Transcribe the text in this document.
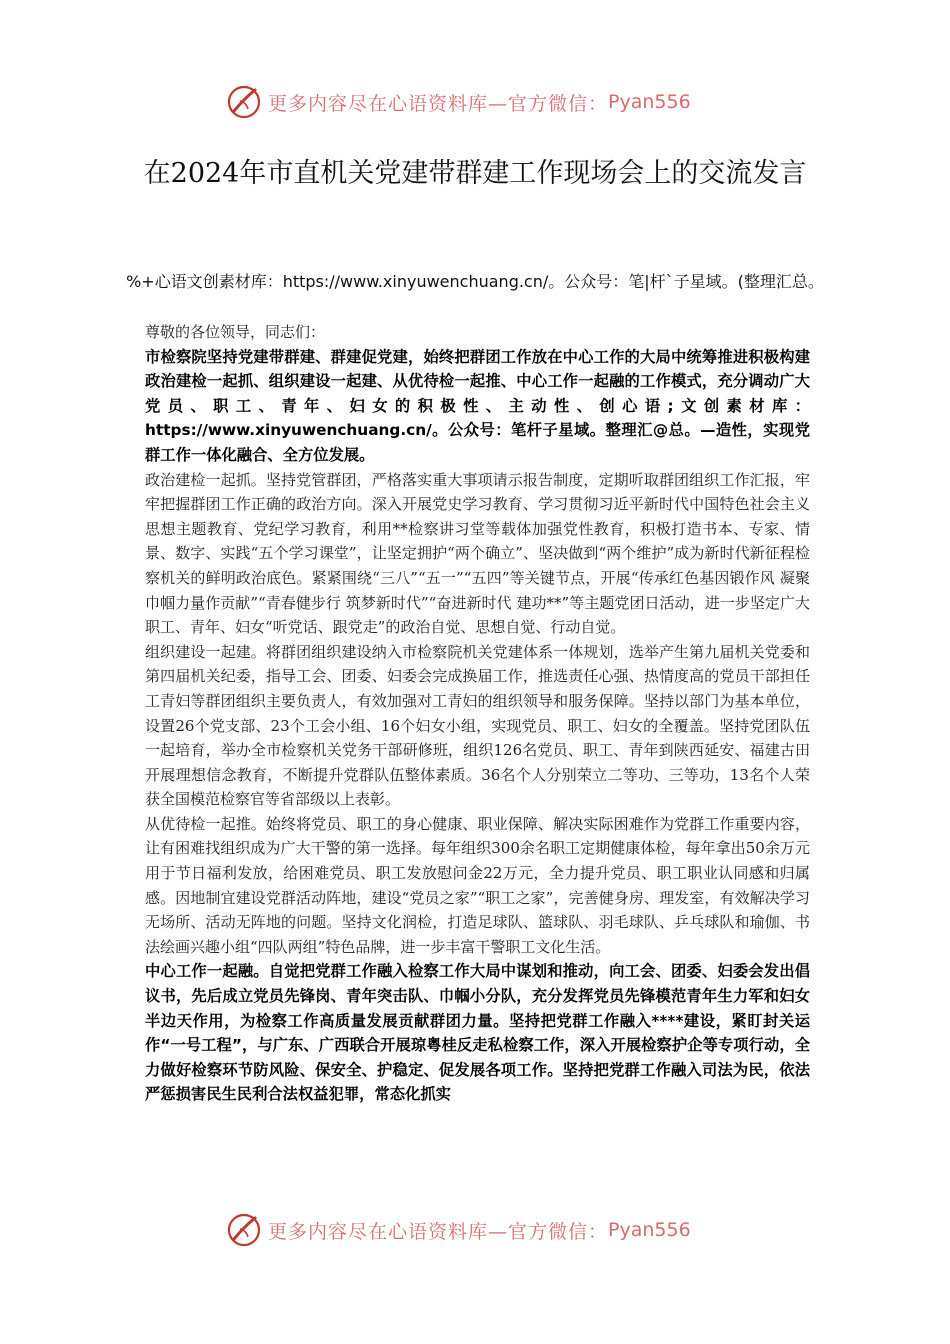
更多内容尽在心语资料库—官方微信： Pyan556
在2024年市直机关党建带群建工作现场会上的交流发言
%+心语文创素材库：https://www.xinyuwenchuang.cn/。公众号：笔|杆`子星域。(整理汇总。

尊敬的各位领导，同志们：

市检察院坚持党建带群建、群建促党建，始终把群团工作放在中心工作的大局中统筹推进积极构建政治建检一起抓、组织建设一起建、从优待检一起推、中心工作一起融的工作模式，充分调动广大党员、职工、青年、妇女的积极性、主动性、创心语;文创素材库：https://www.xinyuwenchuang.cn/。公众号：笔杆子星域。整理汇@总。—造性，实现党群工作一体化融合、全方位发展。

政治建检一起抓。坚持党管群团，严格落实重大事项请示报告制度，定期听取群团组织工作汇报，牢牢把握群团工作正确的政治方向。深入开展党史学习教育、学习贯彻习近平新时代中国特色社会主义思想主题教育、党纪学习教育，利用**检察讲习堂等载体加强党性教育，积极打造书本、专家、情景、数字、实践“五个学习课堂”，让坚定拥护“两个确立”、坚决做到“两个维护”成为新时代新征程检察机关的鲜明政治底色。紧紧围绕“三八”“五一”“五四”等关键节点，开展“传承红色基因锻作风 凝聚巾帼力量作贡献”“青春健步行 筑梦新时代”“奋进新时代 建功**”等主题党团日活动，进一步坚定广大职工、青年、妇女“听党话、跟党走”的政治自觉、思想自觉、行动自觉。

组织建设一起建。将群团组织建设纳入市检察院机关党建体系一体规划，选举产生第九届机关党委和第四届机关纪委，指导工会、团委、妇委会完成换届工作，推选责任心强、热情度高的党员干部担任工青妇等群团组织主要负责人，有效加强对工青妇的组织领导和服务保障。坚持以部门为基本单位，设置26个党支部、23个工会小组、16个妇女小组，实现党员、职工、妇女的全覆盖。坚持党团队伍一起培育，举办全市检察机关党务干部研修班，组织126名党员、职工、青年到陕西延安、福建古田开展理想信念教育，不断提升党群队伍整体素质。36名个人分别荣立二等功、三等功，13名个人荣获全国模范检察官等省部级以上表彰。

从优待检一起推。始终将党员、职工的身心健康、职业保障、解决实际困难作为党群工作重要内容，让有困难找组织成为广大干警的第一选择。每年组织300余名职工定期健康体检，每年拿出50余万元用于节日福利发放，给困难党员、职工发放慰问金22万元，全力提升党员、职工职业认同感和归属感。因地制宜建设党群活动阵地，建设“党员之家”“职工之家”，完善健身房、理发室，有效解决学习无场所、活动无阵地的问题。坚持文化润检，打造足球队、篮球队、羽毛球队、乒乓球队和瑜伽、书法绘画兴趣小组“四队两组”特色品牌，进一步丰富干警职工文化生活。

中心工作一起融。自觉把党群工作融入检察工作大局中谋划和推动，向工会、团委、妇委会发出倡议书，先后成立党员先锋岗、青年突击队、巾帼小分队，充分发挥党员先锋模范青年生力军和妇女半边天作用，为检察工作高质量发展贡献群团力量。坚持把党群工作融入****建设，紧盯封关运作“一号工程”，与广东、广西联合开展琼粤桂反走私检察工作，深入开展检察护企等专项行动，全力做好检察环节防风险、保安全、护稳定、促发展各项工作。坚持把党群工作融入司法为民，依法严惩损害民生民利合法权益犯罪，常态化抓实

更多内容尽在心语资料库—官方微信： Pyan556
